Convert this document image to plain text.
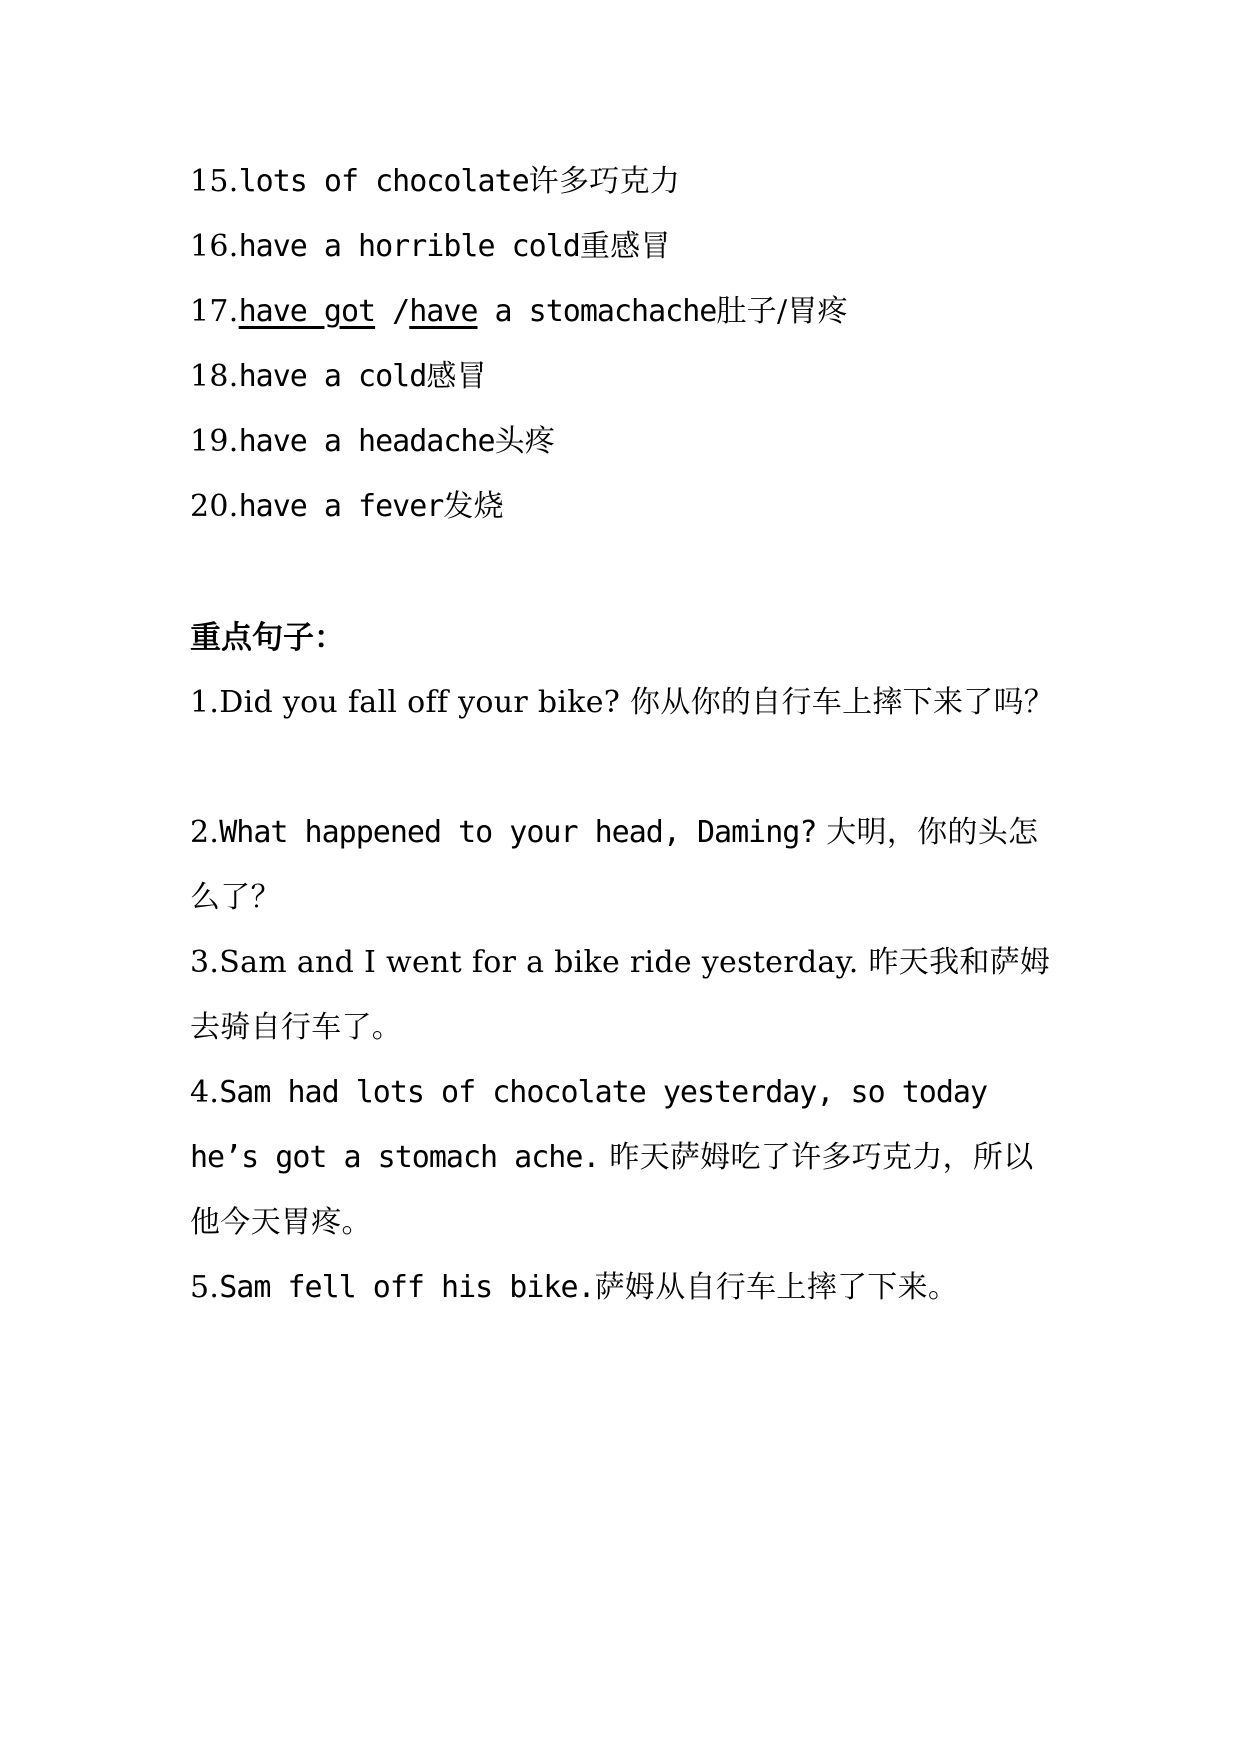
15.lots of chocolate许多巧克力
16.have a horrible cold重感冒
17.have got /have a stomachache肚子/胃疼
18.have a cold感冒
19.have a headache头疼
20.have a fever发烧
重点句子：
1.Did you fall off your bike? 你从你的自行车上摔下来了吗？
2.What happened to your head, Daming? 大明，你的头怎么了？
3.Sam and I went for a bike ride yesterday. 昨天我和萨姆去骑自行车了。
4.Sam had lots of chocolate yesterday, so today he’s got a stomach ache. 昨天萨姆吃了许多巧克力，所以他今天胃疼。
5.Sam fell off his bike.萨姆从自行车上摔了下来。
